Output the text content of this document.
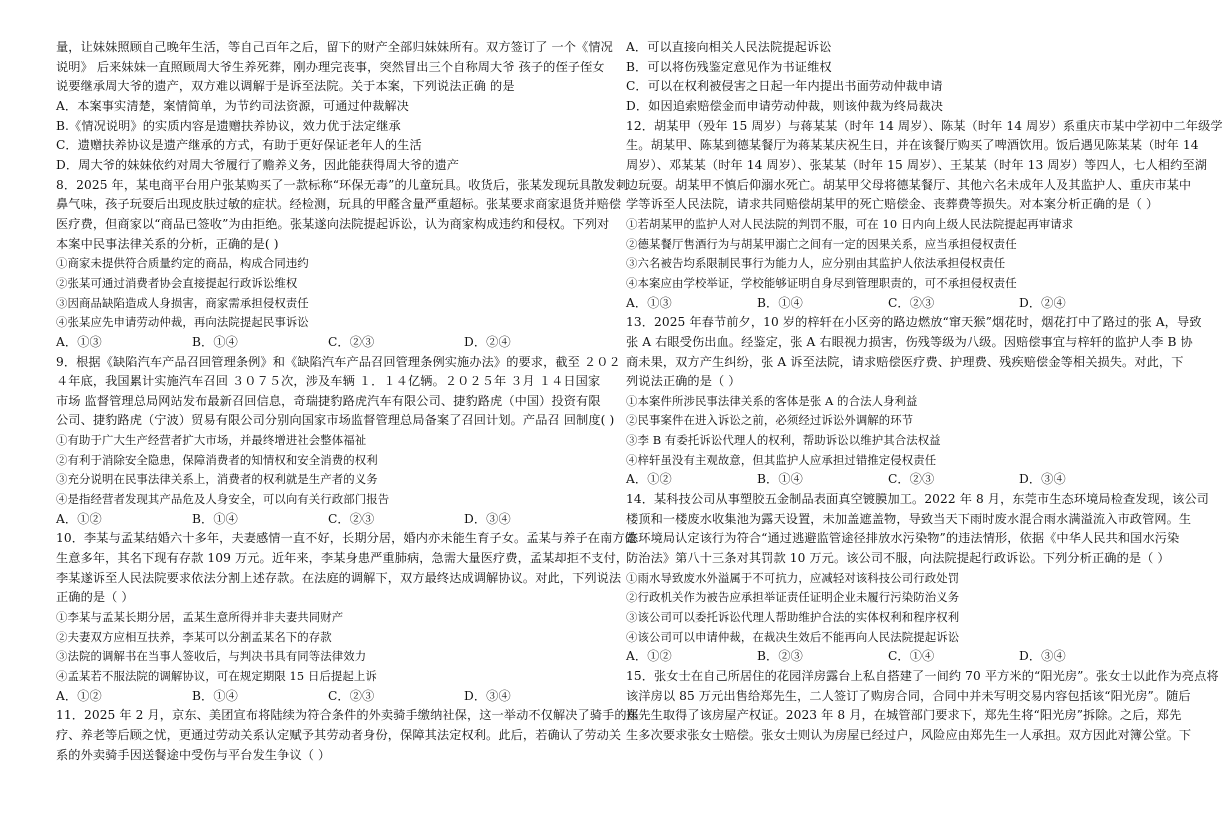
量，让妹妹照顾自己晚年生活，等自己百年之后，留下的财产全部归妹妹所有。双方签订了 一个《情况
说明》 后来妹妹一直照顾周大爷生养死葬，刚办理完丧事，突然冒出三个自称周大爷 孩子的侄子侄女
说要继承周大爷的遗产，双方难以调解于是诉至法院。关于本案，下列说法正确 的是
A．本案事实清楚，案情简单，为节约司法资源，可通过仲裁解决
B.《情况说明》的实质内容是遗赠扶养协议，效力优于法定继承
C．遗赠扶养协议是遗产继承的方式，有助于更好保证老年人的生活
D．周大爷的妹妹依约对周大爷履行了赡养义务，因此能获得周大爷的遗产
8．2025 年，某电商平台用户张某购买了一款标称“环保无毒”的儿童玩具。收货后，张某发现玩具散发刺
鼻气味，孩子玩耍后出现皮肤过敏的症状。经检测，玩具的甲醛含量严重超标。张某要求商家退货并赔偿
医疗费，但商家以“商品已签收”为由拒绝。张某遂向法院提起诉讼，认为商家构成违约和侵权。下列对
本案中民事法律关系的分析，正确的是( )
①商家未提供符合质量约定的商品，构成合同违约
②张某可通过消费者协会直接提起行政诉讼维权
③因商品缺陷造成人身损害，商家需承担侵权责任
④张某应先申请劳动仲裁，再向法院提起民事诉讼
A．①③	B．①④	C．②③	D．②④
9．根据《缺陷汽车产品召回管理条例》和《缺陷汽车产品召回管理条例实施办法》的要求，截至 ２０２
４年底，我国累计实施汽车召回 ３０７５次，涉及车辆 １．１４亿辆。２０２５年 ３月 １４日国家
市场 监督管理总局网站发布最新召回信息，奇瑞捷豹路虎汽车有限公司、捷豹路虎（中国）投资有限
公司、捷豹路虎（宁波）贸易有限公司分别向国家市场监督管理总局备案了召回计划。产品召 回制度( )
①有助于广大生产经营者扩大市场，并最终增进社会整体福祉
②有利于消除安全隐患，保障消费者的知情权和安全消费的权利
③充分说明在民事法律关系上，消费者的权利就是生产者的义务
④是指经营者发现其产品危及人身安全，可以向有关行政部门报告
A．①②	B．①④	C．②③	D．③④
10．李某与孟某结婚六十多年，夫妻感情一直不好，长期分居，婚内亦未能生育子女。孟某与养子在南方做
生意多年，其名下现有存款 109 万元。近年来，李某身患严重肺病，急需大量医疗费，孟某却拒不支付，
李某遂诉至人民法院要求依法分割上述存款。在法庭的调解下，双方最终达成调解协议。对此，下列说法
正确的是（ ）
①李某与孟某长期分居，孟某生意所得并非夫妻共同财产
②夫妻双方应相互扶养，李某可以分割孟某名下的存款
③法院的调解书在当事人签收后，与判决书具有同等法律效力
④孟某若不服法院的调解协议，可在规定期限 15 日后提起上诉
A．①②	B．①④	C．②③	D．③④
11．2025 年 2 月，京东、美团宣布将陆续为符合条件的外卖骑手缴纳社保，这一举动不仅解决了骑手的医
疗、养老等后顾之忧，更通过劳动关系认定赋予其劳动者身份，保障其法定权利。此后，若确认了劳动关
系的外卖骑手因送餐途中受伤与平台发生争议（ ）
A．可以直接向相关人民法院提起诉讼
B．可以将伤残鉴定意见作为书证维权
C．可以在权利被侵害之日起一年内提出书面劳动仲裁申请
D．如因追索赔偿金而申请劳动仲裁，则该仲裁为终局裁决
12．胡某甲（殁年 15 周岁）与蒋某某（时年 14 周岁）、陈某（时年 14 周岁）系重庆市某中学初中二年级学
生。胡某甲、陈某到德某餐厅为蒋某某庆祝生日，并在该餐厅购买了啤酒饮用。饭后遇见陈某某（时年 14
周岁）、邓某某（时年 14 周岁）、张某某（时年 15 周岁）、王某某（时年 13 周岁）等四人，七人相约至湖
边玩耍。胡某甲不慎后仰溺水死亡。胡某甲父母将德某餐厅、其他六名未成年人及其监护人、重庆市某中
学等诉至人民法院，请求共同赔偿胡某甲的死亡赔偿金、丧葬费等损失。对本案分析正确的是（ ）
①若胡某甲的监护人对人民法院的判罚不服，可在 10 日内向上级人民法院提起再审请求
②德某餐厅售酒行为与胡某甲溺亡之间有一定的因果关系，应当承担侵权责任
③六名被告均系限制民事行为能力人，应分别由其监护人依法承担侵权责任
④本案应由学校举证，学校能够证明自身尽到管理职责的，可不承担侵权责任
A．①③	B．①④	C．②③	D．②④
13．2025 年春节前夕，10 岁的梓轩在小区旁的路边燃放“窜天猴”烟花时，烟花打中了路过的张 A，导致
张 A 右眼受伤出血。经鉴定，张 A 右眼视力损害，伤残等级为八级。因赔偿事宜与梓轩的监护人李 B 协
商未果，双方产生纠纷，张 A 诉至法院，请求赔偿医疗费、护理费、残疾赔偿金等相关损失。对此，下
列说法正确的是（ ）
①本案件所涉民事法律关系的客体是张 A 的合法人身利益
②民事案件在进入诉讼之前，必须经过诉讼外调解的环节
③李 B 有委托诉讼代理人的权利，帮助诉讼以维护其合法权益
④梓轩虽没有主观故意，但其监护人应承担过错推定侵权责任
A．①②	B．①④	C．②③	D．③④
14．某科技公司从事塑胶五金制品表面真空镀膜加工。2022 年 8 月，东莞市生态环境局检查发现，该公司
楼顶和一楼废水收集池为露天设置，未加盖遮盖物，导致当天下雨时废水混合雨水满溢流入市政管网。生
态环境局认定该行为符合“通过逃避监管途径排放水污染物”的违法情形，依据《中华人民共和国水污染
防治法》第八十三条对其罚款 10 万元。该公司不服，向法院提起行政诉讼。下列分析正确的是（ ）
①雨水导致废水外溢属于不可抗力，应减轻对该科技公司行政处罚
②行政机关作为被告应承担举证责任证明企业未履行污染防治义务
③该公司可以委托诉讼代理人帮助维护合法的实体权利和程序权利
④该公司可以申请仲裁，在裁决生效后不能再向人民法院提起诉讼
A．①②	B．②③	C．①④	D．③④
15．张女士在自己所居住的花园洋房露台上私自搭建了一间约 70 平方米的“阳光房”。张女士以此作为亮点将
该洋房以 85 万元出售给郑先生，二人签订了购房合同，合同中并未写明交易内容包括该“阳光房”。随后
郑先生取得了该房屋产权证。2023 年 8 月，在城管部门要求下，郑先生将“阳光房”拆除。之后，郑先
生多次要求张女士赔偿。张女士则认为房屋已经过户，风险应由郑先生一人承担。双方因此对簿公堂。下
